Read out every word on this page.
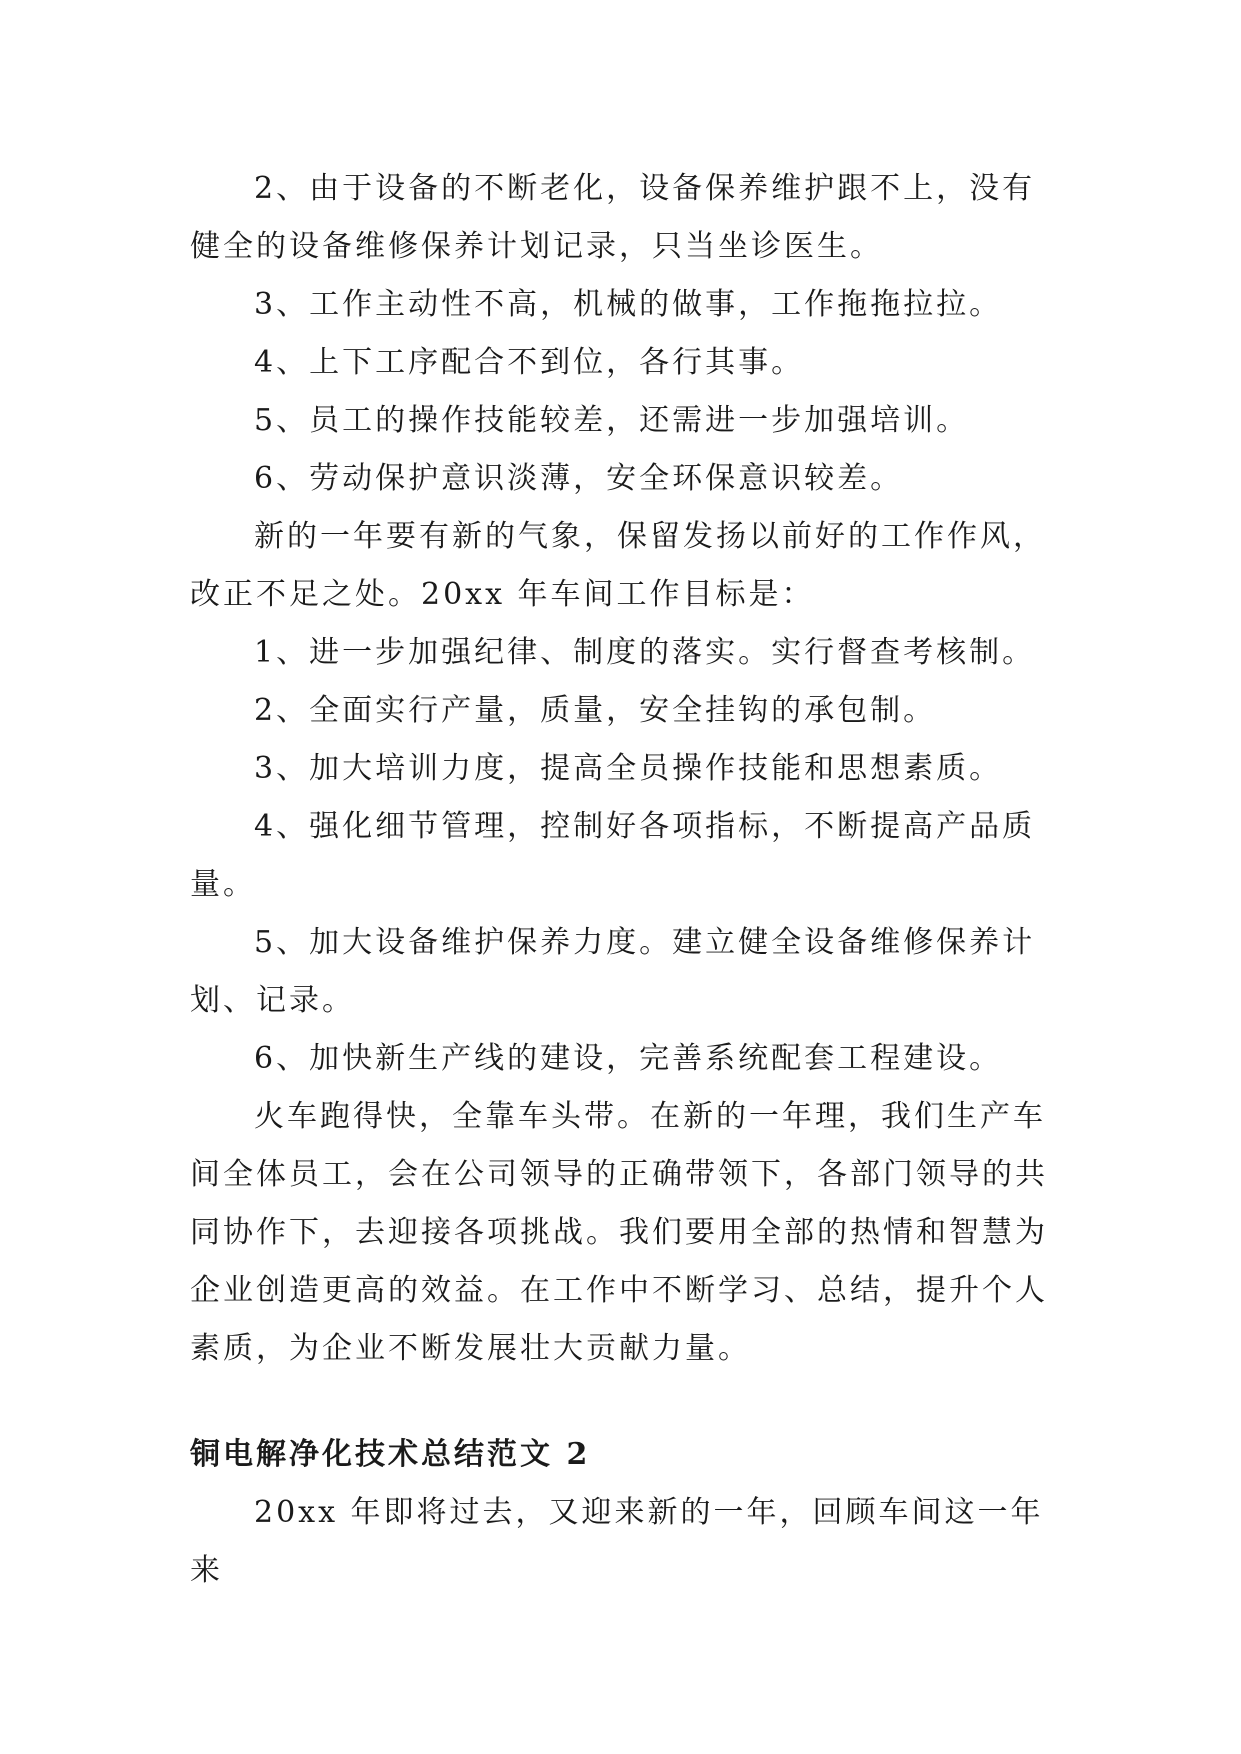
2、由于设备的不断老化，设备保养维护跟不上，没有健全的设备维修保养计划记录，只当坐诊医生。

3、工作主动性不高，机械的做事，工作拖拖拉拉。

4、上下工序配合不到位，各行其事。

5、员工的操作技能较差，还需进一步加强培训。

6、劳动保护意识淡薄，安全环保意识较差。

新的一年要有新的气象，保留发扬以前好的工作作风，改正不足之处。20xx 年车间工作目标是：

1、进一步加强纪律、制度的落实。实行督查考核制。

2、全面实行产量，质量，安全挂钩的承包制。

3、加大培训力度，提高全员操作技能和思想素质。

4、强化细节管理，控制好各项指标，不断提高产品质量。

5、加大设备维护保养力度。建立健全设备维修保养计划、记录。

6、加快新生产线的建设，完善系统配套工程建设。

火车跑得快，全靠车头带。在新的一年理，我们生产车间全体员工，会在公司领导的正确带领下，各部门领导的共同协作下，去迎接各项挑战。我们要用全部的热情和智慧为企业创造更高的效益。在工作中不断学习、总结，提升个人素质，为企业不断发展壮大贡献力量。

铜电解净化技术总结范文 2

20xx 年即将过去，又迎来新的一年，回顾车间这一年来
